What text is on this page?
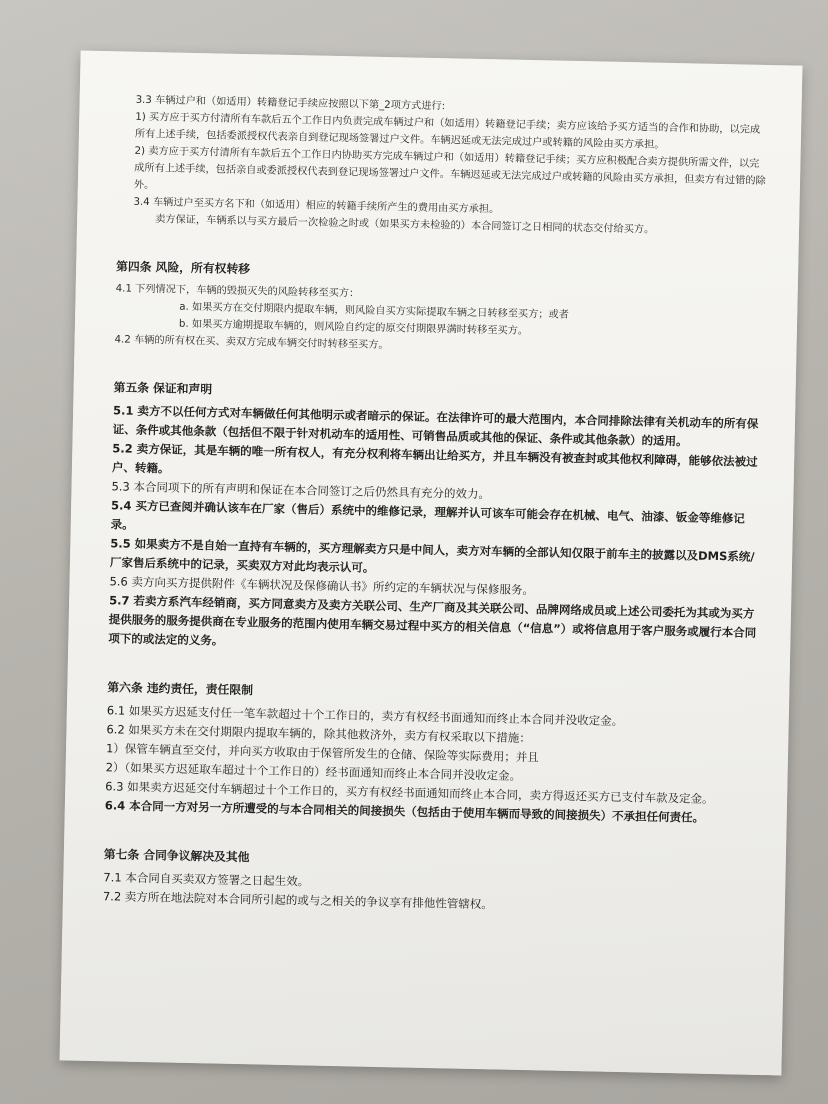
3.3 车辆过户和（如适用）转籍登记手续应按照以下第_2项方式进行:

1) 买方应于买方付清所有车款后五个工作日内负责完成车辆过户和（如适用）转籍登记手续；卖方应该给予买方适当的合作和协助，以完成所有上述手续，包括委派授权代表亲自到登记现场签署过户文件。车辆迟延或无法完成过户或转籍的风险由买方承担。

2) 卖方应于买方付清所有车款后五个工作日内协助买方完成车辆过户和（如适用）转籍登记手续；买方应积极配合卖方提供所需文件，以完成所有上述手续，包括亲自或委派授权代表到登记现场签署过户文件。车辆迟延或无法完成过户或转籍的风险由买方承担，但卖方有过错的除外。

3.4 车辆过户至买方名下和（如适用）相应的转籍手续所产生的费用由买方承担。

卖方保证，车辆系以与买方最后一次检验之时或（如果买方未检验的）本合同签订之日相同的状态交付给买方。

第四条 风险，所有权转移

4.1 下列情况下，车辆的毁损灭失的风险转移至买方：

a. 如果买方在交付期限内提取车辆，则风险自买方实际提取车辆之日转移至买方；或者

b. 如果买方逾期提取车辆的，则风险自约定的原交付期限界满时转移至买方。

4.2 车辆的所有权在买、卖双方完成车辆交付时转移至买方。

第五条 保证和声明

5.1 卖方不以任何方式对车辆做任何其他明示或者暗示的保证。在法律许可的最大范围内，本合同排除法律有关机动车的所有保证、条件或其他条款（包括但不限于针对机动车的适用性、可销售品质或其他的保证、条件或其他条款）的适用。

5.2 卖方保证，其是车辆的唯一所有权人，有充分权利将车辆出让给买方，并且车辆没有被查封或其他权利障碍，能够依法被过户、转籍。

5.3 本合同项下的所有声明和保证在本合同签订之后仍然具有充分的效力。

5.4 买方已查阅并确认该车在厂家（售后）系统中的维修记录，理解并认可该车可能会存在机械、电气、油漆、钣金等维修记录。

5.5 如果卖方不是自始一直持有车辆的，买方理解卖方只是中间人，卖方对车辆的全部认知仅限于前车主的披露以及DMS系统/厂家售后系统中的记录，买卖双方对此均表示认可。

5.6 卖方向买方提供附件《车辆状况及保修确认书》所约定的车辆状况与保修服务。

5.7 若卖方系汽车经销商，买方同意卖方及卖方关联公司、生产厂商及其关联公司、品牌网络成员或上述公司委托为其或为买方提供服务的服务提供商在专业服务的范围内使用车辆交易过程中买方的相关信息（“信息”）或将信息用于客户服务或履行本合同项下的或法定的义务。

第六条 违约责任，责任限制

6.1 如果买方迟延支付任一笔车款超过十个工作日的，卖方有权经书面通知而终止本合同并没收定金。

6.2 如果买方未在交付期限内提取车辆的，除其他救济外，卖方有权采取以下措施：

1）保管车辆直至交付，并向买方收取由于保管所发生的仓储、保险等实际费用；并且

2）（如果买方迟延取车超过十个工作日的）经书面通知而终止本合同并没收定金。

6.3 如果卖方迟延交付车辆超过十个工作日的，买方有权经书面通知而终止本合同，卖方得返还买方已支付车款及定金。

6.4 本合同一方对另一方所遭受的与本合同相关的间接损失（包括由于使用车辆而导致的间接损失）不承担任何责任。

第七条 合同争议解决及其他

7.1 本合同自买卖双方签署之日起生效。

7.2 卖方所在地法院对本合同所引起的或与之相关的争议享有排他性管辖权。
